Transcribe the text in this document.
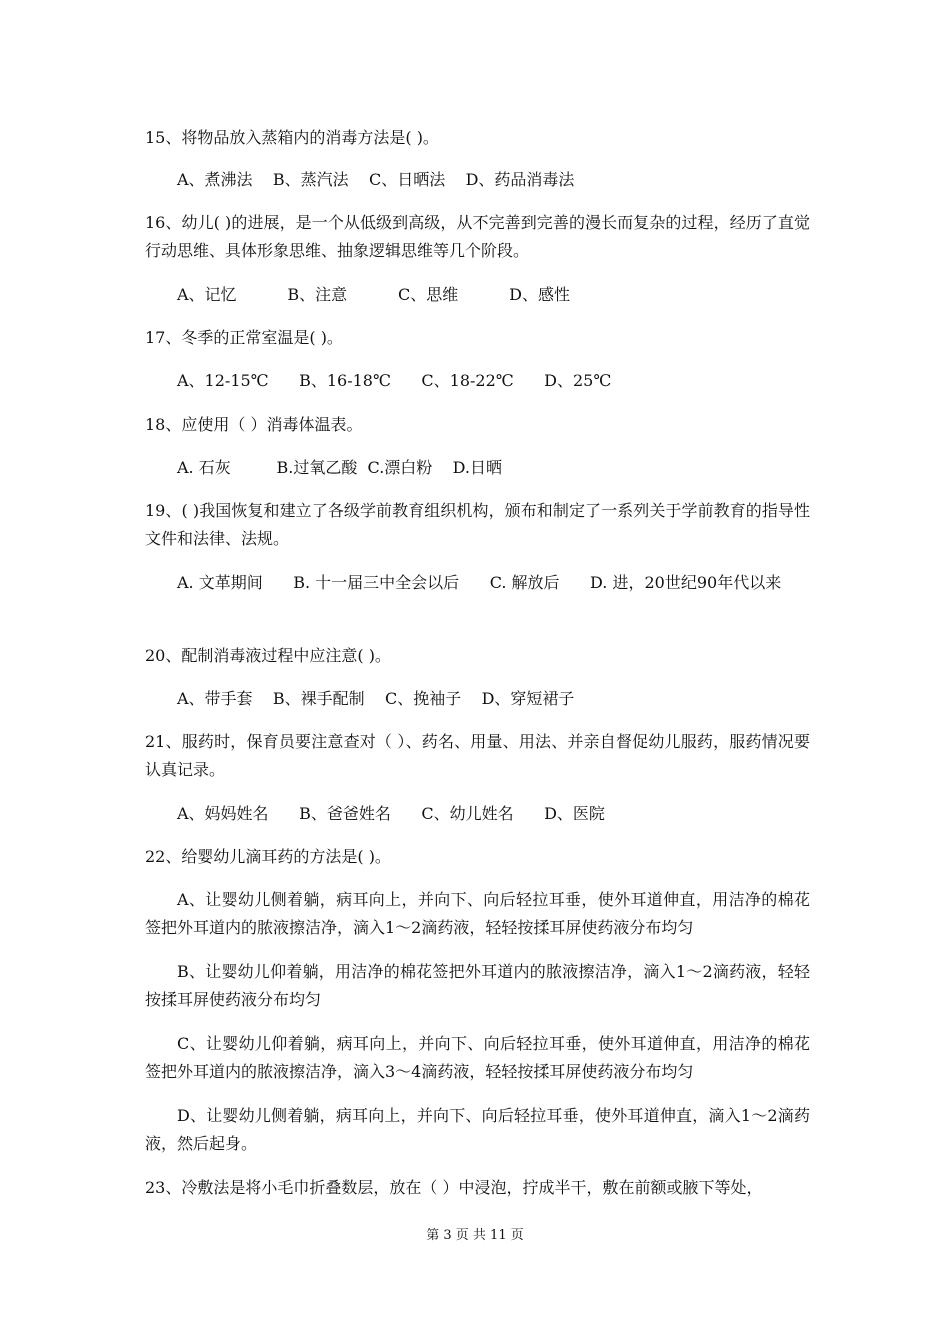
15、将物品放入蒸箱内的消毒方法是( )。
A、煮沸法    B、蒸汽法    C、日晒法    D、药品消毒法
16、幼儿( )的进展，是一个从低级到高级，从不完善到完善的漫长而复杂的过程，经历了直觉行动思维、具体形象思维、抽象逻辑思维等几个阶段。
A、记忆          B、注意          C、思维          D、感性
17、冬季的正常室温是( )。
A、12-15℃      B、16-18℃      C、18-22℃      D、25℃
18、应使用（ ）消毒体温表。
A. 石灰         B.过氧乙酸  C.漂白粉    D.日晒
19、( )我国恢复和建立了各级学前教育组织机构，颁布和制定了一系列关于学前教育的指导性文件和法律、法规。
A. 文革期间      B. 十一届三中全会以后      C. 解放后      D. 进，20世纪90年代以来
20、配制消毒液过程中应注意( )。
A、带手套    B、裸手配制    C、挽袖子    D、穿短裙子
21、服药时，保育员要注意查对（ ）、药名、用量、用法、并亲自督促幼儿服药，服药情况要认真记录。
A、妈妈姓名      B、爸爸姓名      C、幼儿姓名      D、医院
22、给婴幼儿滴耳药的方法是( )。
A、让婴幼儿侧着躺，病耳向上，并向下、向后轻拉耳垂，使外耳道伸直，用洁净的棉花签把外耳道内的脓液擦洁净，滴入1～2滴药液，轻轻按揉耳屏使药液分布均匀
B、让婴幼儿仰着躺，用洁净的棉花签把外耳道内的脓液擦洁净，滴入1～2滴药液，轻轻按揉耳屏使药液分布均匀
C、让婴幼儿仰着躺，病耳向上，并向下、向后轻拉耳垂，使外耳道伸直，用洁净的棉花签把外耳道内的脓液擦洁净，滴入3～4滴药液，轻轻按揉耳屏使药液分布均匀
D、让婴幼儿侧着躺，病耳向上，并向下、向后轻拉耳垂，使外耳道伸直，滴入1～2滴药液，然后起身。
23、冷敷法是将小毛巾折叠数层，放在（ ）中浸泡，拧成半干，敷在前额或腋下等处，
第 3 页 共 11 页
